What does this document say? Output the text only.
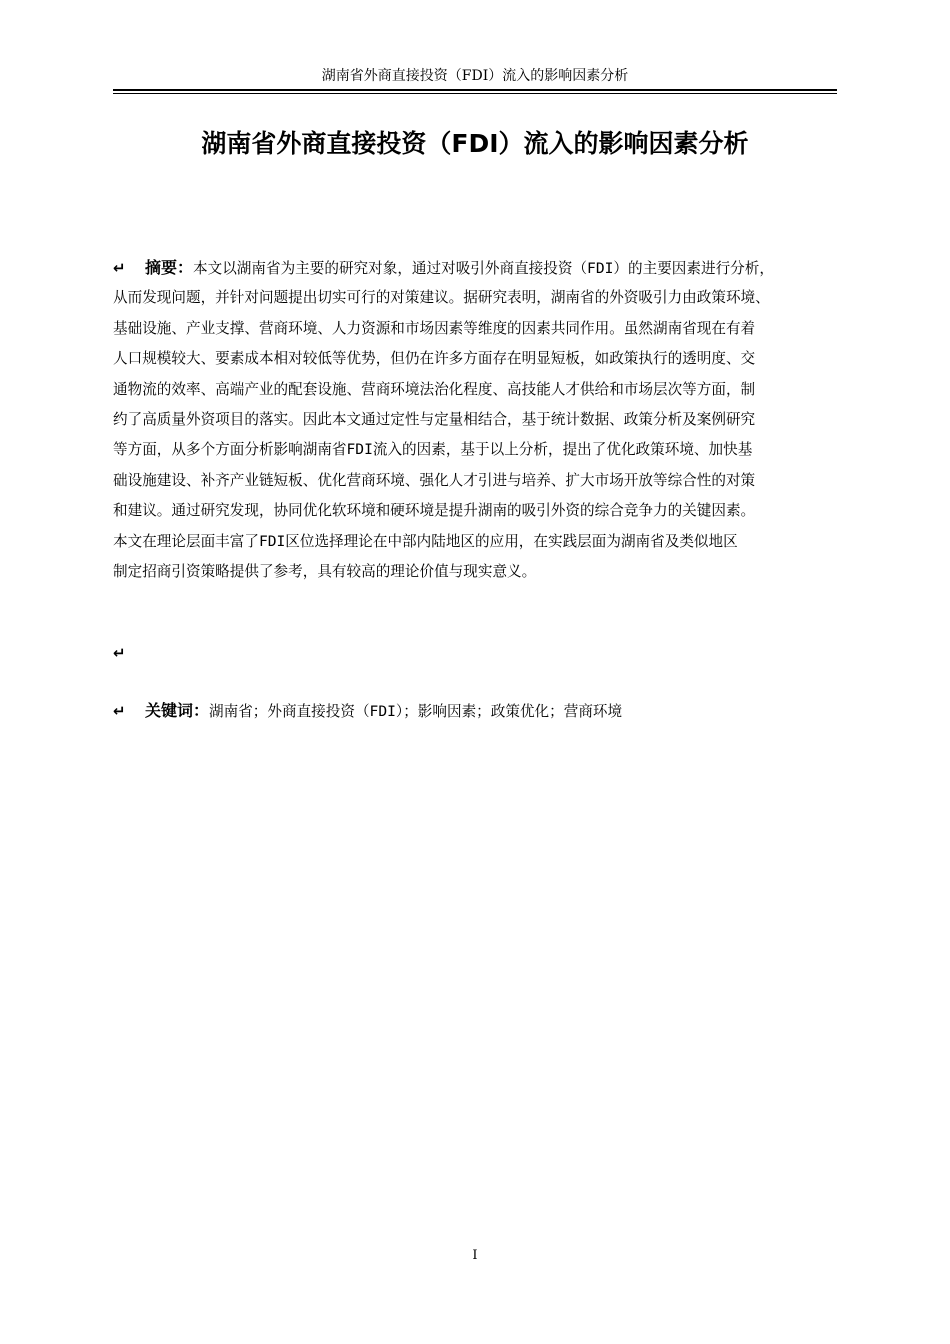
湖南省外商直接投资（FDI）流入的影响因素分析
湖南省外商直接投资（FDI）流入的影响因素分析
↵ 摘要：本文以湖南省为主要的研究对象，通过对吸引外商直接投资（FDI）的主要因素进行分析，
从而发现问题，并针对问题提出切实可行的对策建议。据研究表明，湖南省的外资吸引力由政策环境、
基础设施、产业支撑、营商环境、人力资源和市场因素等维度的因素共同作用。虽然湖南省现在有着
人口规模较大、要素成本相对较低等优势，但仍在许多方面存在明显短板，如政策执行的透明度、交
通物流的效率、高端产业的配套设施、营商环境法治化程度、高技能人才供给和市场层次等方面，制
约了高质量外资项目的落实。因此本文通过定性与定量相结合，基于统计数据、政策分析及案例研究
等方面，从多个方面分析影响湖南省FDI流入的因素，基于以上分析，提出了优化政策环境、加快基
础设施建设、补齐产业链短板、优化营商环境、强化人才引进与培养、扩大市场开放等综合性的对策
和建议。通过研究发现，协同优化软环境和硬环境是提升湖南的吸引外资的综合竞争力的关键因素。
本文在理论层面丰富了FDI区位选择理论在中部内陆地区的应用，在实践层面为湖南省及类似地区
制定招商引资策略提供了参考，具有较高的理论价值与现实意义。
↵
↵ 关键词：湖南省；外商直接投资（FDI）；影响因素；政策优化；营商环境
I
